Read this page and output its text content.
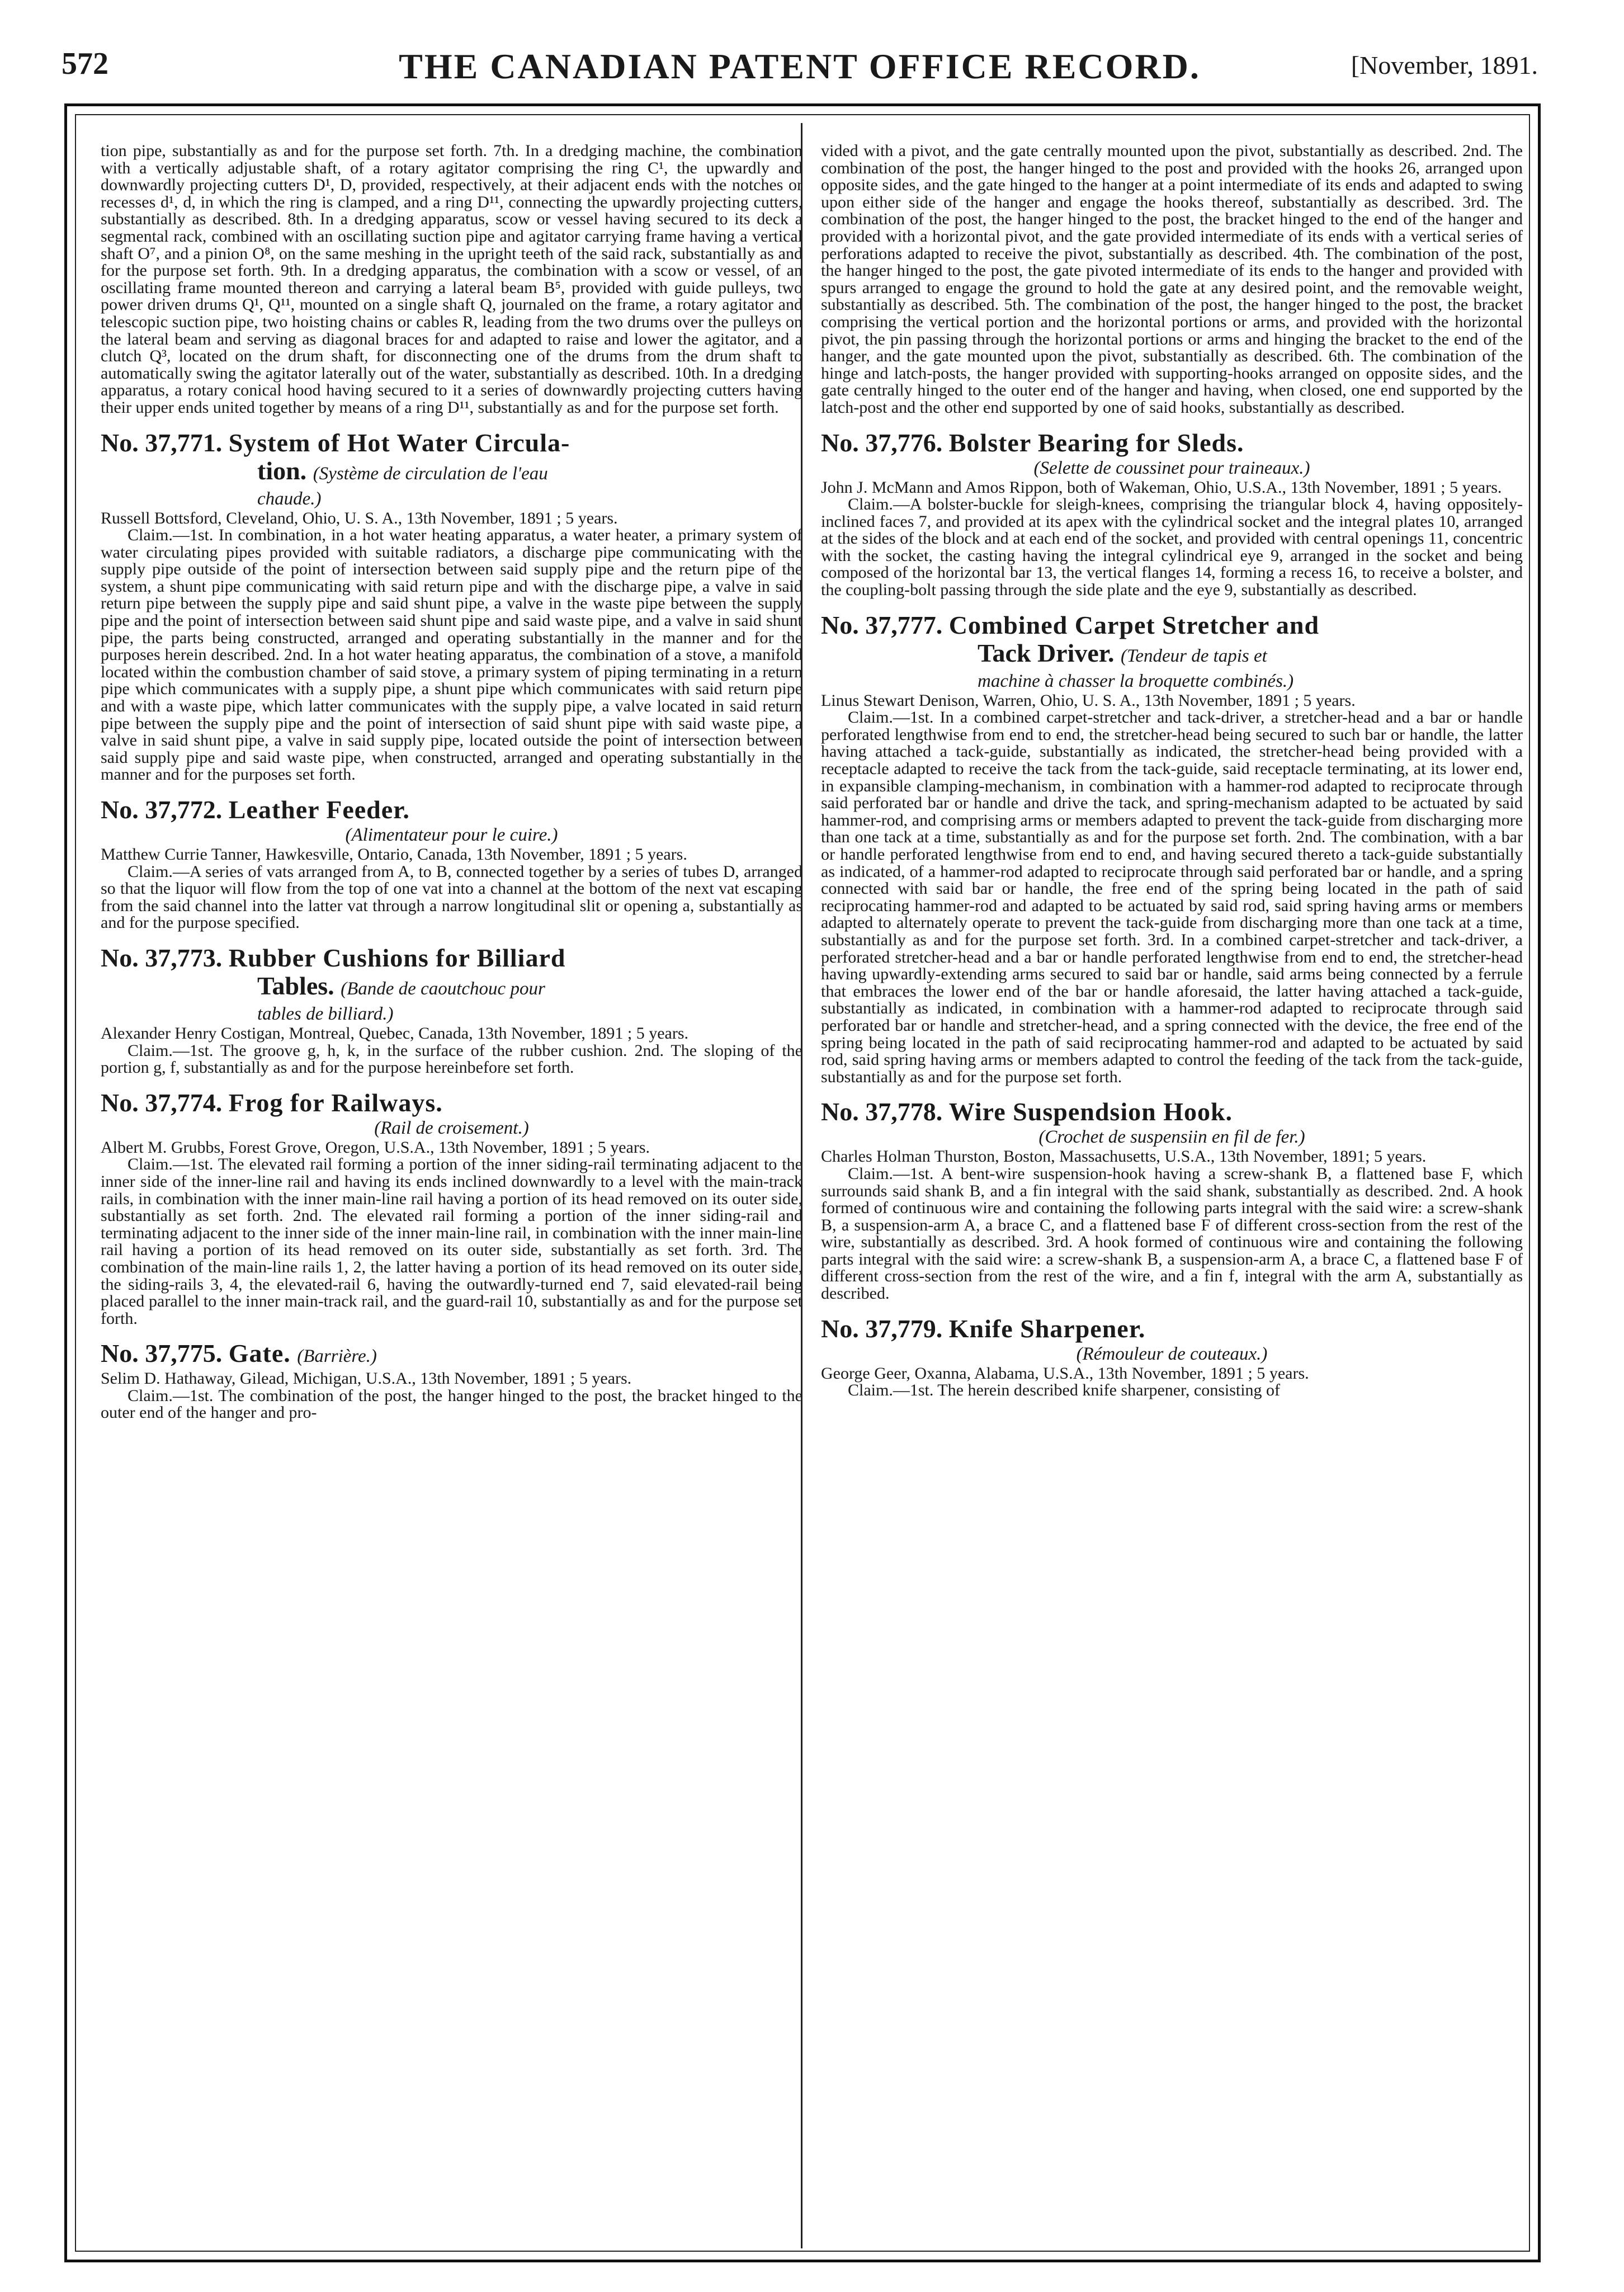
572	THE CANADIAN PATENT OFFICE RECORD.	[November, 1891.

tion pipe, substantially as and for the purpose set forth. 7th. In a dredging machine, the combination with a vertically adjustable shaft, of a rotary agitator comprising the ring C¹, the upwardly and downwardly projecting cutters D¹, D, provided, respectively, at their adjacent ends with the notches or recesses d¹, d, in which the ring is clamped, and a ring D¹¹, connecting the upwardly projecting cutters, substantially as described. 8th. In a dredging apparatus, scow or vessel having secured to its deck a segmental rack, combined with an oscillating suction pipe and agitator carrying frame having a vertical shaft O⁷, and a pinion O⁸, on the same meshing in the upright teeth of the said rack, substantially as and for the purpose set forth. 9th. In a dredging apparatus, the combination with a scow or vessel, of an oscillating frame mounted thereon and carrying a lateral beam B⁵, provided with guide pulleys, two power driven drums Q¹, Q¹¹, mounted on a single shaft Q, journaled on the frame, a rotary agitator and telescopic suction pipe, two hoisting chains or cables R, leading from the two drums over the pulleys on the lateral beam and serving as diagonal braces for and adapted to raise and lower the agitator, and a clutch Q³, located on the drum shaft, for disconnecting one of the drums from the drum shaft to automatically swing the agitator laterally out of the water, substantially as described. 10th. In a dredging apparatus, a rotary conical hood having secured to it a series of downwardly projecting cutters having their upper ends united together by means of a ring D¹¹, substantially as and for the purpose set forth.

No. 37,771. System of Hot Water Circula-
tion. (Système de circulation de l'eau
chaude.)

Russell Bottsford, Cleveland, Ohio, U. S. A., 13th November, 1891 ; 5 years.

Claim.—1st. In combination, in a hot water heating apparatus, a water heater, a primary system of water circulating pipes provided with suitable radiators, a discharge pipe communicating with the supply pipe outside of the point of intersection between said supply pipe and the return pipe of the system, a shunt pipe communicating with said return pipe and with the discharge pipe, a valve in said return pipe between the supply pipe and said shunt pipe, a valve in the waste pipe between the supply pipe and the point of intersection between said shunt pipe and said waste pipe, and a valve in said shunt pipe, the parts being constructed, arranged and operating substantially in the manner and for the purposes herein described. 2nd. In a hot water heating apparatus, the combination of a stove, a manifold located within the combustion chamber of said stove, a primary system of piping terminating in a return pipe which communicates with a supply pipe, a shunt pipe which communicates with said return pipe and with a waste pipe, which latter communicates with the supply pipe, a valve located in said return pipe between the supply pipe and the point of intersection of said shunt pipe with said waste pipe, a valve in said shunt pipe, a valve in said supply pipe, located outside the point of intersection between said supply pipe and said waste pipe, when constructed, arranged and operating substantially in the manner and for the purposes set forth.

No. 37,772. Leather Feeder.
(Alimentateur pour le cuire.)

Matthew Currie Tanner, Hawkesville, Ontario, Canada, 13th November, 1891 ; 5 years.

Claim.—A series of vats arranged from A, to B, connected together by a series of tubes D, arranged so that the liquor will flow from the top of one vat into a channel at the bottom of the next vat escaping from the said channel into the latter vat through a narrow longitudinal slit or opening a, substantially as and for the purpose specified.

No. 37,773. Rubber Cushions for Billiard
Tables. (Bande de caoutchouc pour
tables de billiard.)

Alexander Henry Costigan, Montreal, Quebec, Canada, 13th November, 1891 ; 5 years.

Claim.—1st. The groove g, h, k, in the surface of the rubber cushion. 2nd. The sloping of the portion g, f, substantially as and for the purpose hereinbefore set forth.

No. 37,774. Frog for Railways.
(Rail de croisement.)

Albert M. Grubbs, Forest Grove, Oregon, U.S.A., 13th November, 1891 ; 5 years.

Claim.—1st. The elevated rail forming a portion of the inner siding-rail terminating adjacent to the inner side of the inner-line rail and having its ends inclined downwardly to a level with the main-track rails, in combination with the inner main-line rail having a portion of its head removed on its outer side, substantially as set forth. 2nd. The elevated rail forming a portion of the inner siding-rail and terminating adjacent to the inner side of the inner main-line rail, in combination with the inner main-line rail having a portion of its head removed on its outer side, substantially as set forth. 3rd. The combination of the main-line rails 1, 2, the latter having a portion of its head removed on its outer side, the siding-rails 3, 4, the elevated-rail 6, having the outwardly-turned end 7, said elevated-rail being placed parallel to the inner main-track rail, and the guard-rail 10, substantially as and for the purpose set forth.

No. 37,775. Gate. (Barrière.)

Selim D. Hathaway, Gilead, Michigan, U.S.A., 13th November, 1891 ; 5 years.

Claim.—1st. The combination of the post, the hanger hinged to the post, the bracket hinged to the outer end of the hanger and pro-

vided with a pivot, and the gate centrally mounted upon the pivot, substantially as described. 2nd. The combination of the post, the hanger hinged to the post and provided with the hooks 26, arranged upon opposite sides, and the gate hinged to the hanger at a point intermediate of its ends and adapted to swing upon either side of the hanger and engage the hooks thereof, substantially as described. 3rd. The combination of the post, the hanger hinged to the post, the bracket hinged to the end of the hanger and provided with a horizontal pivot, and the gate provided intermediate of its ends with a vertical series of perforations adapted to receive the pivot, substantially as described. 4th. The combination of the post, the hanger hinged to the post, the gate pivoted intermediate of its ends to the hanger and provided with spurs arranged to engage the ground to hold the gate at any desired point, and the removable weight, substantially as described. 5th. The combination of the post, the hanger hinged to the post, the bracket comprising the vertical portion and the horizontal portions or arms, and provided with the horizontal pivot, the pin passing through the horizontal portions or arms and hinging the bracket to the end of the hanger, and the gate mounted upon the pivot, substantially as described. 6th. The combination of the hinge and latch-posts, the hanger provided with supporting-hooks arranged on opposite sides, and the gate centrally hinged to the outer end of the hanger and having, when closed, one end supported by the latch-post and the other end supported by one of said hooks, substantially as described.

No. 37,776. Bolster Bearing for Sleds.
(Selette de coussinet pour traineaux.)

John J. McMann and Amos Rippon, both of Wakeman, Ohio, U.S.A., 13th November, 1891 ; 5 years.

Claim.—A bolster-buckle for sleigh-knees, comprising the triangular block 4, having oppositely-inclined faces 7, and provided at its apex with the cylindrical socket and the integral plates 10, arranged at the sides of the block and at each end of the socket, and provided with central openings 11, concentric with the socket, the casting having the integral cylindrical eye 9, arranged in the socket and being composed of the horizontal bar 13, the vertical flanges 14, forming a recess 16, to receive a bolster, and the coupling-bolt passing through the side plate and the eye 9, substantially as described.

No. 37,777. Combined Carpet Stretcher and
Tack Driver. (Tendeur de tapis et
machine à chasser la broquette combinés.)

Linus Stewart Denison, Warren, Ohio, U. S. A., 13th November, 1891 ; 5 years.

Claim.—1st. In a combined carpet-stretcher and tack-driver, a stretcher-head and a bar or handle perforated lengthwise from end to end, the stretcher-head being secured to such bar or handle, the latter having attached a tack-guide, substantially as indicated, the stretcher-head being provided with a receptacle adapted to receive the tack from the tack-guide, said receptacle terminating, at its lower end, in expansible clamping-mechanism, in combination with a hammer-rod adapted to reciprocate through said perforated bar or handle and drive the tack, and spring-mechanism adapted to be actuated by said hammer-rod, and comprising arms or members adapted to prevent the tack-guide from discharging more than one tack at a time, substantially as and for the purpose set forth. 2nd. The combination, with a bar or handle perforated lengthwise from end to end, and having secured thereto a tack-guide substantially as indicated, of a hammer-rod adapted to reciprocate through said perforated bar or handle, and a spring connected with said bar or handle, the free end of the spring being located in the path of said reciprocating hammer-rod and adapted to be actuated by said rod, said spring having arms or members adapted to alternately operate to prevent the tack-guide from discharging more than one tack at a time, substantially as and for the purpose set forth. 3rd. In a combined carpet-stretcher and tack-driver, a perforated stretcher-head and a bar or handle perforated lengthwise from end to end, the stretcher-head having upwardly-extending arms secured to said bar or handle, said arms being connected by a ferrule that embraces the lower end of the bar or handle aforesaid, the latter having attached a tack-guide, substantially as indicated, in combination with a hammer-rod adapted to reciprocate through said perforated bar or handle and stretcher-head, and a spring connected with the device, the free end of the spring being located in the path of said reciprocating hammer-rod and adapted to be actuated by said rod, said spring having arms or members adapted to control the feeding of the tack from the tack-guide, substantially as and for the purpose set forth.

No. 37,778. Wire Suspendsion Hook.
(Crochet de suspensiin en fil de fer.)

Charles Holman Thurston, Boston, Massachusetts, U.S.A., 13th November, 1891; 5 years.

Claim.—1st. A bent-wire suspension-hook having a screw-shank B, a flattened base F, which surrounds said shank B, and a fin integral with the said shank, substantially as described. 2nd. A hook formed of continuous wire and containing the following parts integral with the said wire: a screw-shank B, a suspension-arm A, a brace C, and a flattened base F of different cross-section from the rest of the wire, substantially as described. 3rd. A hook formed of continuous wire and containing the following parts integral with the said wire: a screw-shank B, a suspension-arm A, a brace C, a flattened base F of different cross-section from the rest of the wire, and a fin f, integral with the arm A, substantially as described.

No. 37,779. Knife Sharpener.
(Rémouleur de couteaux.)

George Geer, Oxanna, Alabama, U.S.A., 13th November, 1891 ; 5 years.

Claim.—1st. The herein described knife sharpener, consisting of
